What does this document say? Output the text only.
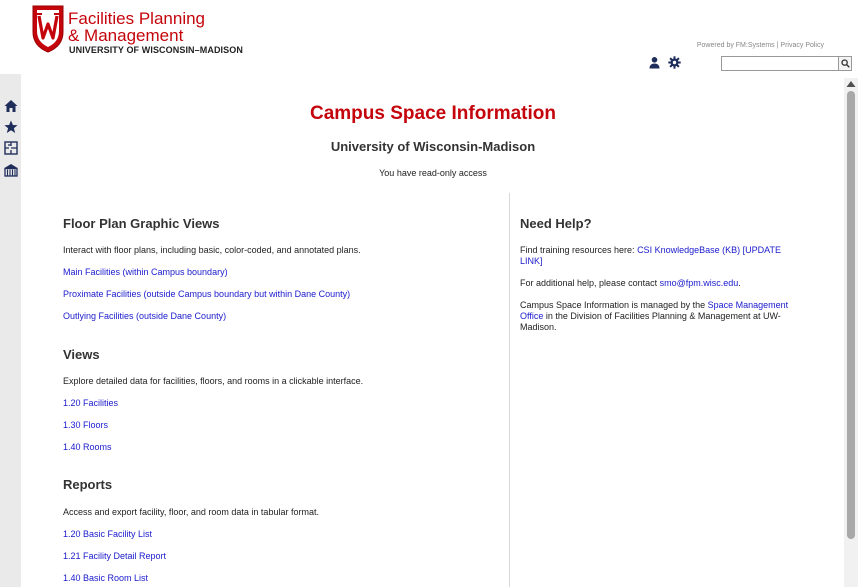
Facilities Planning
& Management
UNIVERSITY OF WISCONSIN–MADISON	Powered by FM:Systems | Privacy Policy
Campus Space Information
University of Wisconsin-Madison
You have read-only access
Floor Plan Graphic Views

Interact with floor plans, including basic, color-coded, and annotated plans.

Main Facilities (within Campus boundary)
Proximate Facilities (outside Campus boundary but within Dane County)
Outlying Facilities (outside Dane County)
Views

Explore detailed data for facilities, floors, and rooms in a clickable interface.

1.20 Facilities
1.30 Floors
1.40 Rooms
Reports

Access and export facility, floor, and room data in tabular format.

1.20 Basic Facility List
1.21 Facility Detail Report
1.40 Basic Room List
Need Help?

Find training resources here: CSI KnowledgeBase (KB) [UPDATE LINK]

For additional help, please contact smo@fpm.wisc.edu.

Campus Space Information is managed by the Space Management Office in the Division of Facilities Planning & Management at UW-Madison.
